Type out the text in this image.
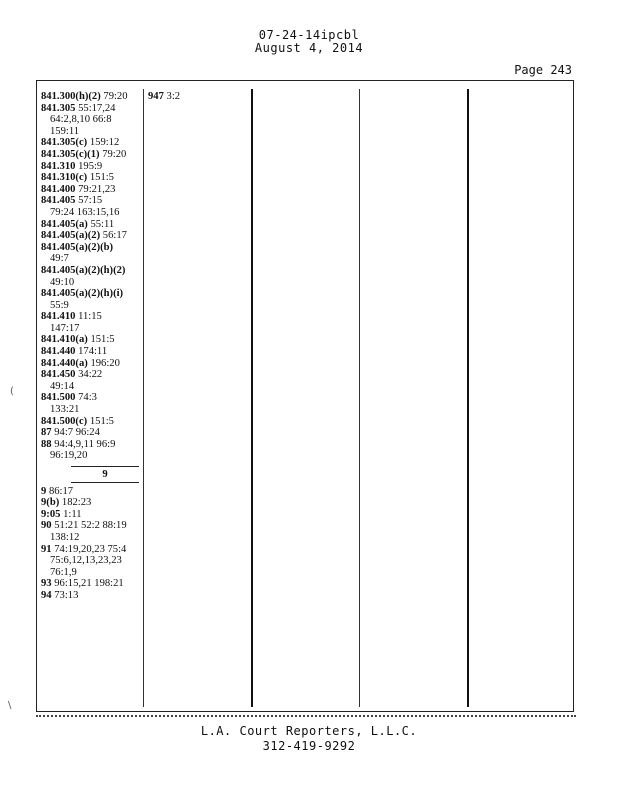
07-24-14ipcbl
August 4, 2014
Page 243
841.300(h)(2) 79:20
841.305 55:17,24
64:2,8,10 66:8
159:11
841.305(c) 159:12
841.305(c)(1) 79:20
841.310 195:9
841.310(c) 151:5
841.400 79:21,23
841.405 57:15
79:24 163:15,16
841.405(a) 55:11
841.405(a)(2) 56:17
841.405(a)(2)(b)
49:7
841.405(a)(2)(h)(2)
49:10
841.405(a)(2)(h)(i)
55:9
841.410 11:15
147:17
841.410(a) 151:5
841.440 174:11
841.440(a) 196:20
841.450 34:22
49:14
841.500 74:3
133:21
841.500(c) 151:5
87 94:7 96:24
88 94:4,9,11 96:9
96:19,20
9
9 86:17
9(b) 182:23
9:05 1:11
90 51:21 52:2 88:19
138:12
91 74:19,20,23 75:4
75:6,12,13,23,23
76:1,9
93 96:15,21 198:21
94 73:13
947 3:2
L.A. Court Reporters, L.L.C.
312-419-9292
(
\
